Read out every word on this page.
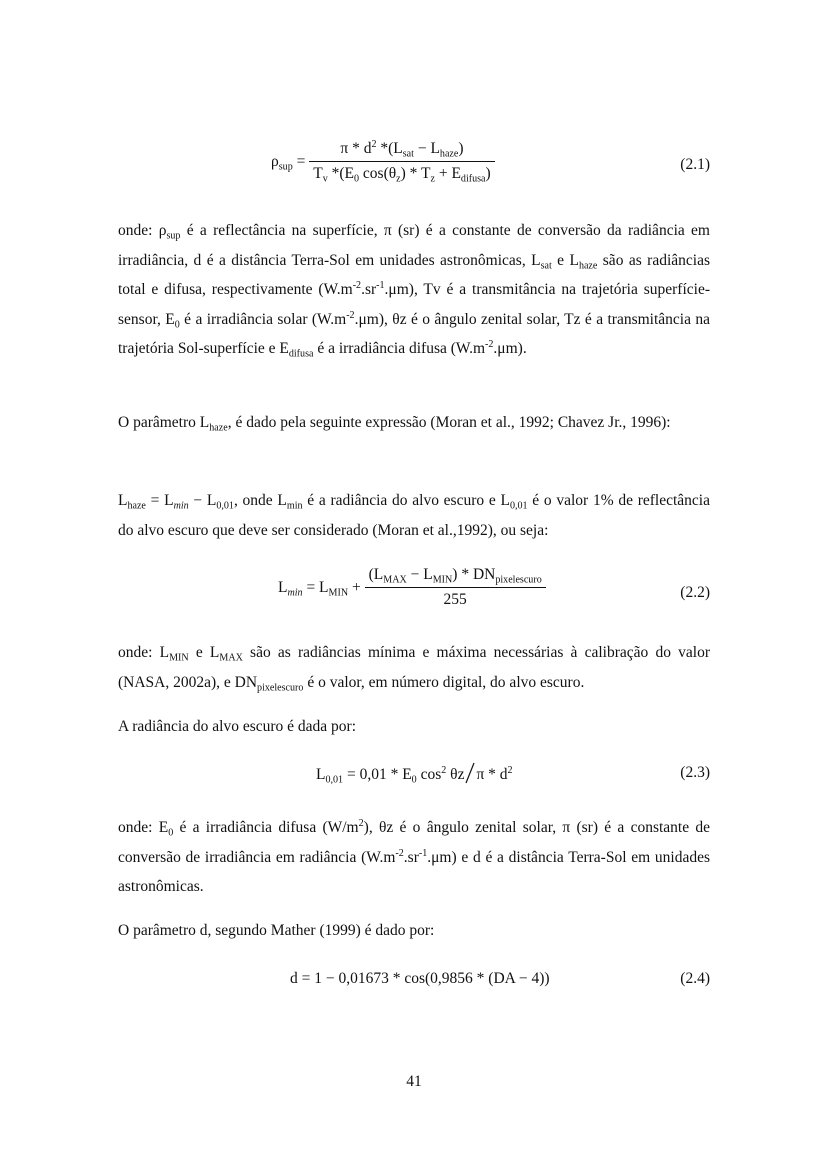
$\rho_{sup} = \frac{\pi * d^2 *(L_{sat} - L_{haze})}{T_v *(E_0 \cos(\theta_z) * T_z + E_{difusa})}$	(2.1)
onde: $\rho_{sup}$ é a reflectância na superfície, π (sr) é a constante de conversão da radiância em irradiância, d é a distância Terra-Sol em unidades astronômicas, $L_{sat}$ e $L_{haze}$ são as radiâncias total e difusa, respectivamente $(W.m^{-2}.sr^{-1}.\mu m)$, Tv é a transmitância na trajetória superfície-sensor, $E_0$ é a irradiância solar $(W.m^{-2}.\mu m)$, θz é o ângulo zenital solar, Tz é a transmitância na trajetória Sol-superfície e $E_{difusa}$ é a irradiância difusa $(W.m^{-2}.\mu m)$.
O parâmetro $L_{haze}$, é dado pela seguinte expressão (Moran et al., 1992; Chavez Jr., 1996):
$L_{haze} = L_{min} - L_{0,01}$, onde $L_{min}$ é a radiância do alvo escuro e $L_{0,01}$ é o valor 1% de reflectância do alvo escuro que deve ser considerado (Moran et al.,1992), ou seja:
$L_{min} = L_{MIN} + \frac{(L_{MAX} - L_{MIN}) * DN_{pixelescuro}}{255}$	(2.2)
onde: $L_{MIN}$ e $L_{MAX}$ são as radiâncias mínima e máxima necessárias à calibração do valor (NASA, 2002a), e $DN_{pixelescuro}$ é o valor, em número digital, do alvo escuro.
A radiância do alvo escuro é dada por:
$L_{0,01} = 0,01 * E_0$ $\cos^2 \theta z$ π * $d^2$	(2.3)
onde: $E_0$ é a irradiância difusa $(W/m^2)$, θz é o ângulo zenital solar, π (sr) é a constante de conversão de irradiância em radiância $(W.m^{-2}.sr^{-1}.\mu m)$ e d é a distância Terra-Sol em unidades astronômicas.
O parâmetro d, segundo Mather (1999) é dado por:
d = 1 − 0,01673 * cos(0,9856 * (DA − 4))	(2.4)
41
